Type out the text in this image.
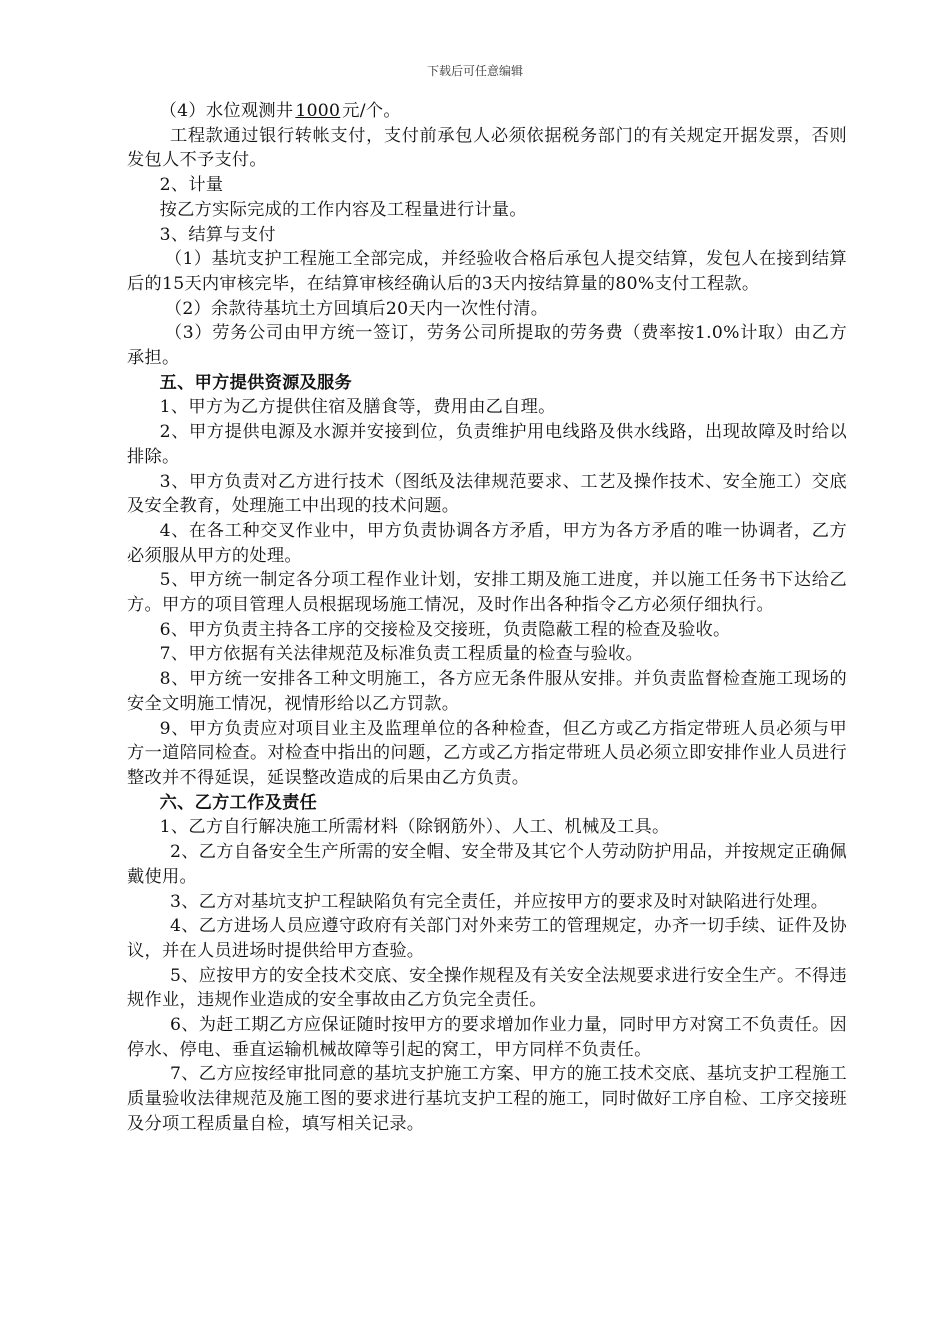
下载后可任意编辑

（4）水位观测井 1000 元/个。

工程款通过银行转帐支付，支付前承包人必须依据税务部门的有关规定开据发票，否则发包人不予支付。

2、计量

按乙方实际完成的工作内容及工程量进行计量。

3、结算与支付

（1）基坑支护工程施工全部完成，并经验收合格后承包人提交结算，发包人在接到结算后的15天内审核完毕，在结算审核经确认后的3天内按结算量的80%支付工程款。

（2）余款待基坑土方回填后20天内一次性付清。

（3）劳务公司由甲方统一签订，劳务公司所提取的劳务费（费率按1.0%计取）由乙方承担。

五、甲方提供资源及服务

1、甲方为乙方提供住宿及膳食等，费用由乙自理。

2、甲方提供电源及水源并安接到位，负责维护用电线路及供水线路，出现故障及时给以排除。

3、甲方负责对乙方进行技术（图纸及法律规范要求、工艺及操作技术、安全施工）交底及安全教育，处理施工中出现的技术问题。

4、在各工种交叉作业中，甲方负责协调各方矛盾，甲方为各方矛盾的唯一协调者，乙方必须服从甲方的处理。

5、甲方统一制定各分项工程作业计划，安排工期及施工进度，并以施工任务书下达给乙方。甲方的项目管理人员根据现场施工情况，及时作出各种指令乙方必须仔细执行。

6、甲方负责主持各工序的交接检及交接班，负责隐蔽工程的检查及验收。

7、甲方依据有关法律规范及标准负责工程质量的检查与验收。

8、甲方统一安排各工种文明施工，各方应无条件服从安排。并负责监督检查施工现场的安全文明施工情况，视情形给以乙方罚款。

9、甲方负责应对项目业主及监理单位的各种检查，但乙方或乙方指定带班人员必须与甲方一道陪同检查。对检查中指出的问题，乙方或乙方指定带班人员必须立即安排作业人员进行整改并不得延误，延误整改造成的后果由乙方负责。

六、乙方工作及责任

1、乙方自行解决施工所需材料（除钢筋外）、人工、机械及工具。

2、乙方自备安全生产所需的安全帽、安全带及其它个人劳动防护用品，并按规定正确佩戴使用。

3、乙方对基坑支护工程缺陷负有完全责任，并应按甲方的要求及时对缺陷进行处理。

4、乙方进场人员应遵守政府有关部门对外来劳工的管理规定，办齐一切手续、证件及协议，并在人员进场时提供给甲方查验。

5、应按甲方的安全技术交底、安全操作规程及有关安全法规要求进行安全生产。不得违规作业，违规作业造成的安全事故由乙方负完全责任。

6、为赶工期乙方应保证随时按甲方的要求增加作业力量，同时甲方对窝工不负责任。因停水、停电、垂直运输机械故障等引起的窝工，甲方同样不负责任。

7、乙方应按经审批同意的基坑支护施工方案、甲方的施工技术交底、基坑支护工程施工质量验收法律规范及施工图的要求进行基坑支护工程的施工，同时做好工序自检、工序交接班及分项工程质量自检，填写相关记录。
